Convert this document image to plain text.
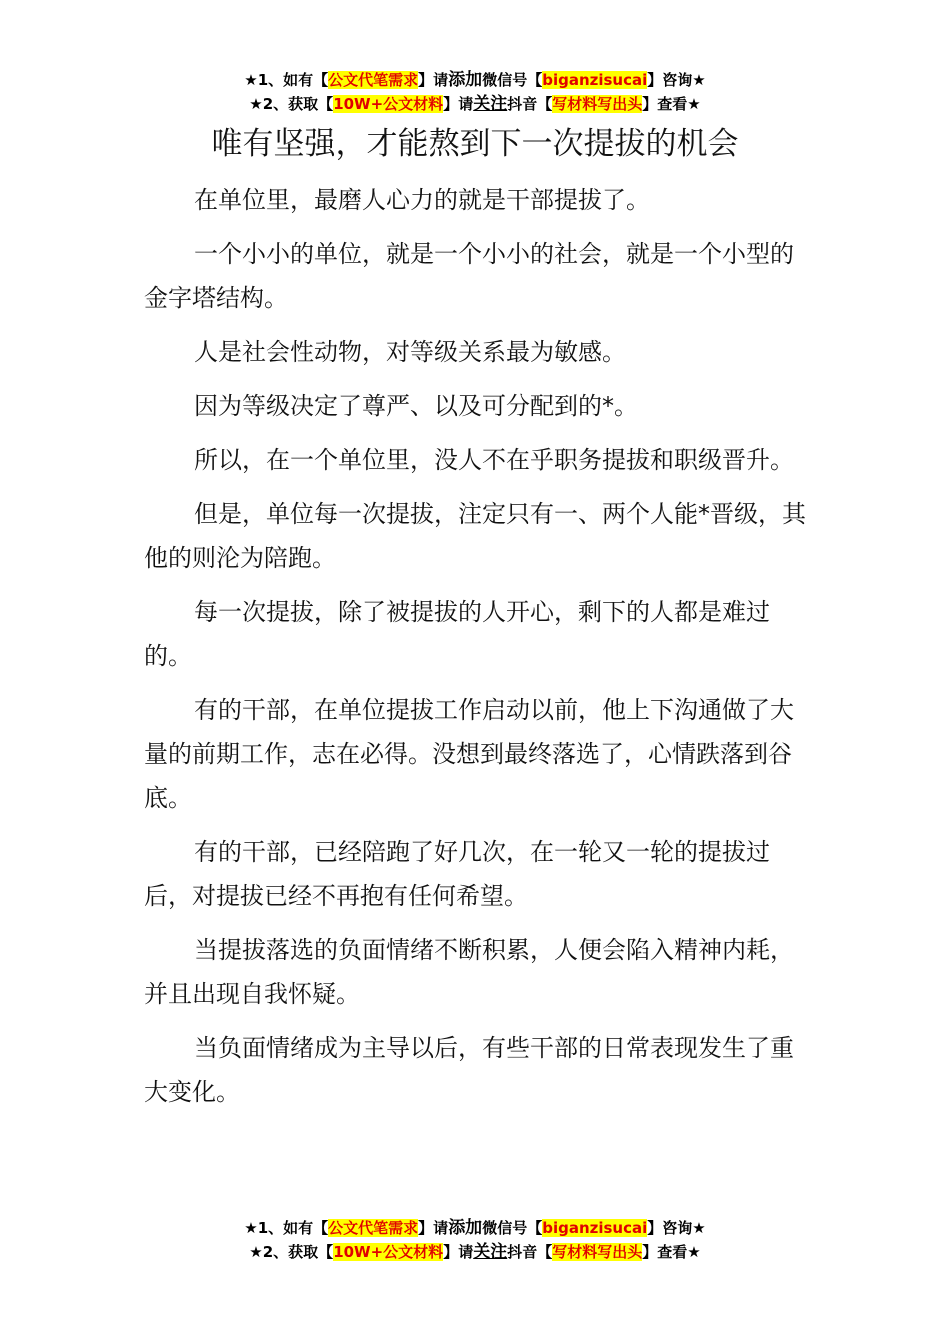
★1、如有【公文代笔需求】请添加微信号【biganzisucai】咨询★
★2、获取【10W+公文材料】请关注抖音【写材料写出头】查看★
唯有坚强，才能熬到下一次提拔的机会

在单位里，最磨人心力的就是干部提拔了。

一个小小的单位，就是一个小小的社会，就是一个小型的金字塔结构。

人是社会性动物，对等级关系最为敏感。

因为等级决定了尊严、以及可分配到的*。

所以，在一个单位里，没人不在乎职务提拔和职级晋升。

但是，单位每一次提拔，注定只有一、两个人能*晋级，其他的则沦为陪跑。

每一次提拔，除了被提拔的人开心，剩下的人都是难过的。

有的干部，在单位提拔工作启动以前，他上下沟通做了大量的前期工作，志在必得。没想到最终落选了，心情跌落到谷底。

有的干部，已经陪跑了好几次，在一轮又一轮的提拔过后，对提拔已经不再抱有任何希望。

当提拔落选的负面情绪不断积累，人便会陷入精神内耗，并且出现自我怀疑。

当负面情绪成为主导以后，有些干部的日常表现发生了重大变化。

★1、如有【公文代笔需求】请添加微信号【biganzisucai】咨询★
★2、获取【10W+公文材料】请关注抖音【写材料写出头】查看★
